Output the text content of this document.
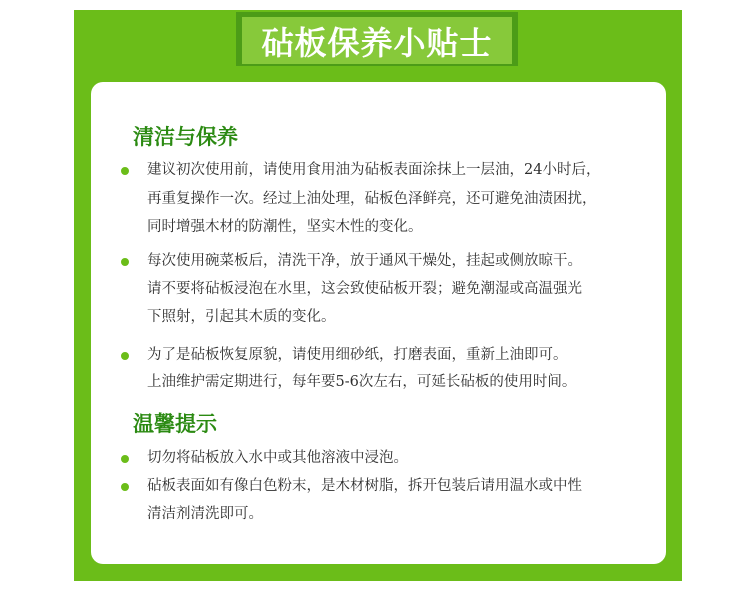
砧板保养小贴士
清洁与保养
建议初次使用前，请使用食用油为砧板表面涂抹上一层油，24小时后，
再重复操作一次。经过上油处理，砧板色泽鲜亮，还可避免油渍困扰，
同时增强木材的防潮性，坚实木性的变化。
每次使用碗菜板后，清洗干净，放于通风干燥处，挂起或侧放晾干。
请不要将砧板浸泡在水里，这会致使砧板开裂；避免潮湿或高温强光
下照射，引起其木质的变化。
为了是砧板恢复原貌，请使用细砂纸，打磨表面，重新上油即可。
上油维护需定期进行，每年要5-6次左右，可延长砧板的使用时间。
温馨提示
切勿将砧板放入水中或其他溶液中浸泡。
砧板表面如有像白色粉末，是木材树脂，拆开包装后请用温水或中性
清洁剂清洗即可。
